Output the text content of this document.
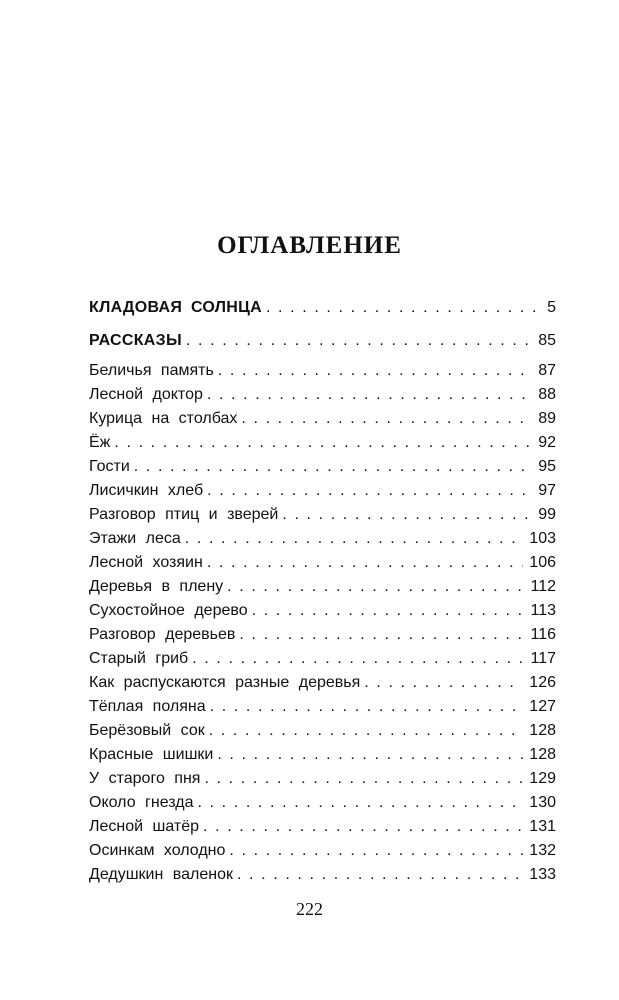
ОГЛАВЛЕНИЕ
КЛАДОВАЯ СОЛНЦА . . .	5
РАССКАЗЫ . . .	85
Беличья память . . .	87
Лесной доктор . . .	88
Курица на столбах . . .	89
Ёж . . .	92
Гости . . .	95
Лисичкин хлеб . . .	97
Разговор птиц и зверей . . .	99
Этажи леса . . .	103
Лесной хозяин . . .	106
Деревья в плену . . .	112
Сухостойное дерево . . .	113
Разговор деревьев . . .	116
Старый гриб . . .	117
Как распускаются разные деревья . . .	126
Тёплая поляна . . .	127
Берёзовый сок . . .	128
Красные шишки . . .	128
У старого пня . . .	129
Около гнезда . . .	130
Лесной шатёр . . .	131
Осинкам холодно . . .	132
Дедушкин валенок . . .	133
222
